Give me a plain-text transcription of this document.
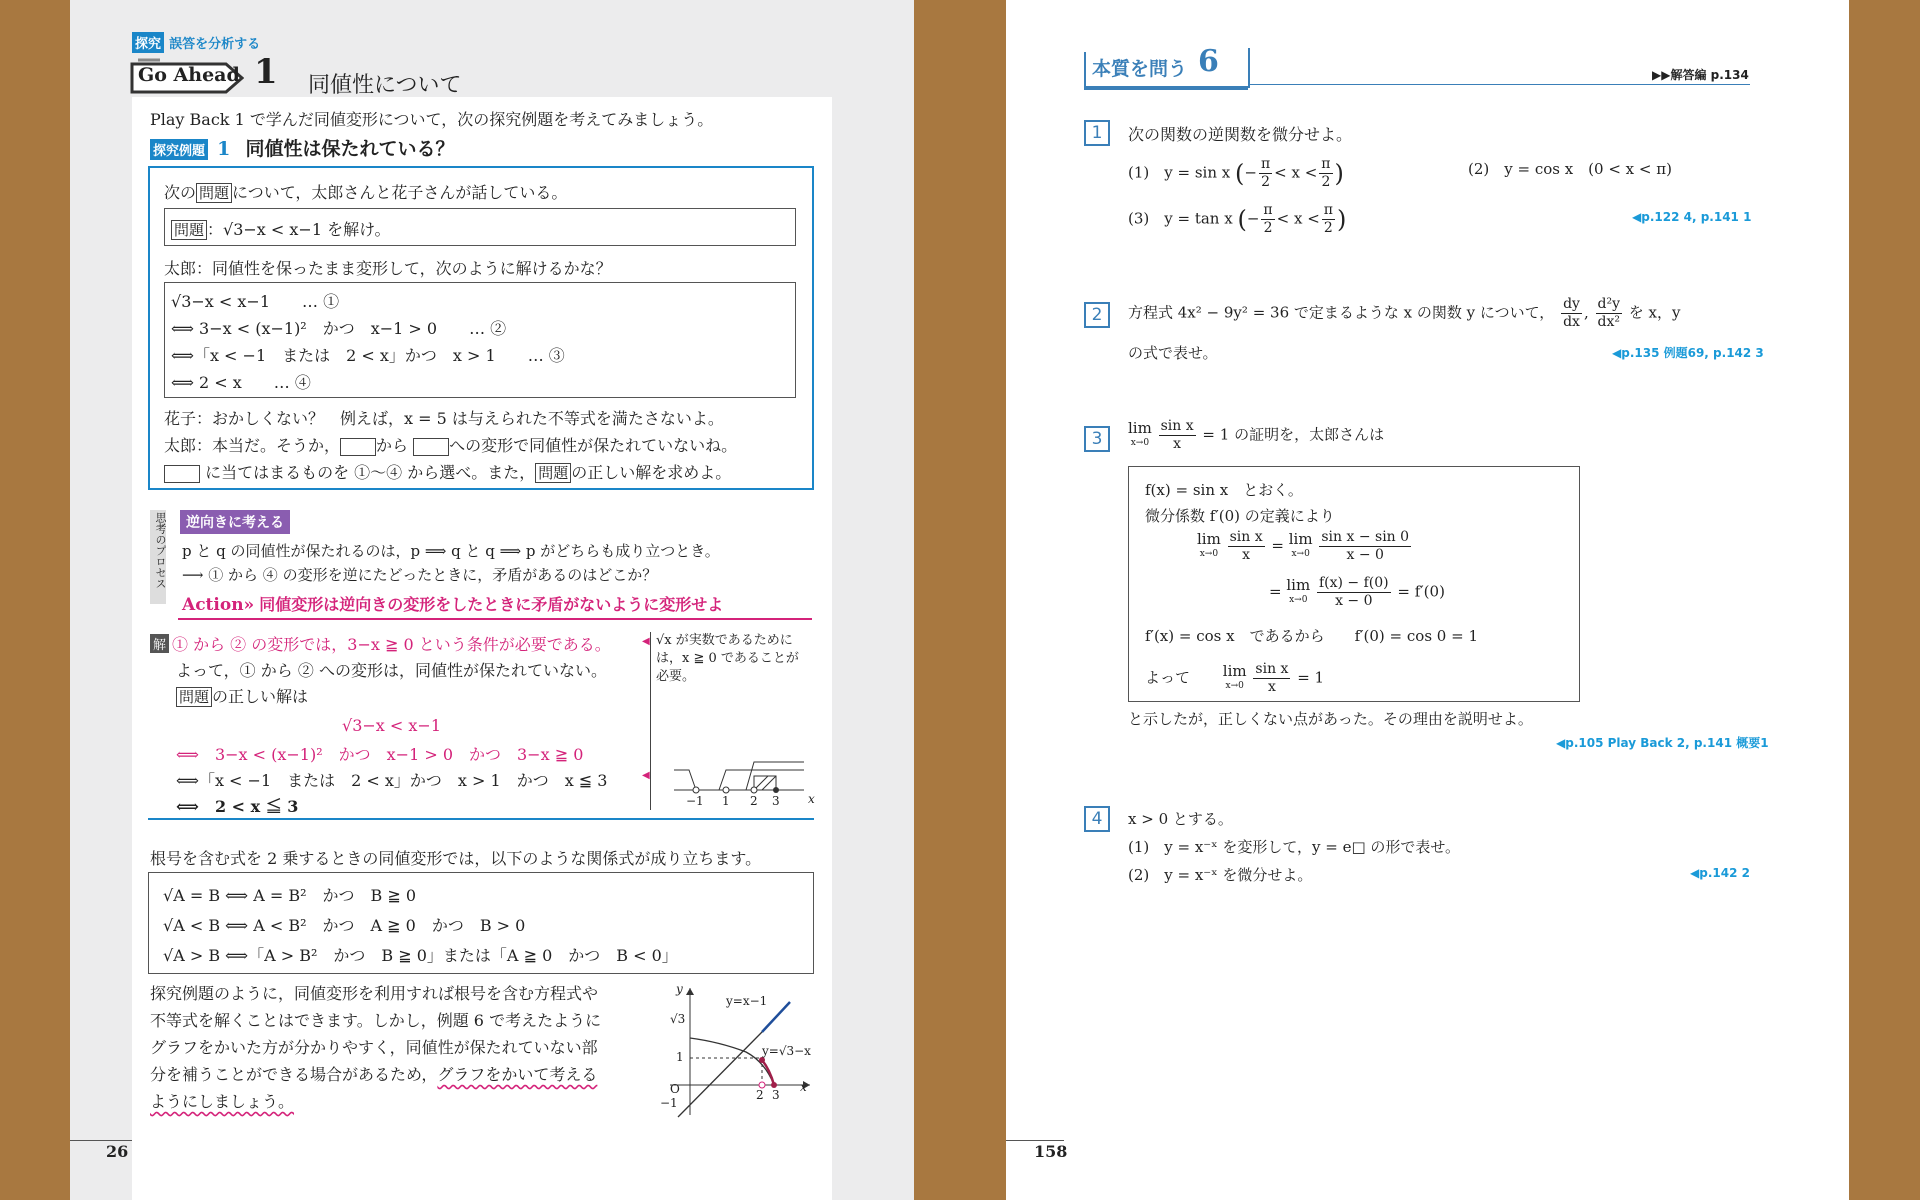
探究 誤答を分析する
Go Ahead 1 同値性について
Play Back 1 で学んだ同値変形について，次の探究例題を考えてみましょう。
探究例題 1 同値性は保たれている？
次の 問題 について，太郎さんと花子さんが話している。
問題 ：√3−x < x−1 を解け。
太郎：同値性を保ったまま変形して，次のように解けるかな？
√3−x < x−1　　… ①
⟺ 3−x < (x−1)²　かつ　x−1 > 0　　… ②
⟺「x < −1　または　2 < x」かつ　x > 1　　… ③
⟺ 2 < x　　… ④
花子：おかしくない？　例えば，x = 5 は与えられた不等式を満たさないよ。
太郎：本当だ。そうか， から	への変形で同値性が保たれていないね。
に当てはまるものを ①〜④ から選べ。また， 問題 の正しい解を求めよ。
思考のプロセス	逆向きに考える
p と q の同値性が保たれるのは，p ⟹ q と q ⟹ p がどちらも成り立つとき。
⟶ ① から ④ の変形を逆にたどったときに，矛盾があるのはどこか？
Action» 同値変形は逆向きの変形をしたときに矛盾がないように変形せよ
解 ① から ② の変形では，3−x ≧ 0 という条件が必要である。
よって，① から ② への変形は，同値性が保たれていない。
問題 の正しい解は
√3−x < x−1
⟺　3−x < (x−1)²　かつ　x−1 > 0　かつ　3−x ≧ 0
⟺「x < −1　または　2 < x」かつ　x > 1　かつ　x ≦ 3
⟺　2 < x ≦ 3
◀
◀
√x が実数であるために
は，x ≧ 0 であることが
必要。
−1 1 2 3 x
根号を含む式を 2 乗するときの同値変形では，以下のような関係式が成り立ちます。
√A = B ⟺ A = B²　かつ　B ≧ 0
√A < B ⟺ A < B²　かつ　A ≧ 0　かつ　B > 0
√A > B ⟺「A > B²　かつ　B ≧ 0」または「A ≧ 0　かつ　B < 0」
探究例題のように，同値変形を利用すれば根号を含む方程式や
不等式を解くことはできます。しかし，例題 6 で考えたように
グラフをかいた方が分かりやすく，同値性が保たれていない部
分を補うことができる場合があるため，グラフをかいて考える
ようにしましょう。
y
y=x−1
√3
1	y=√3−x
O	2 3
x
−1
26
本質を問う 6	▶▶解答編 p.134
1	次の関数の逆関数を微分せよ。
(1)　y = sin x (− $\frac{\pi}{2} < x < \frac{\pi}{2}$ )	(2)　y = cos x　(0 < x < π)
(3)　y = tan x (− $\frac{\pi}{2} < x < \frac{\pi}{2}$ )	◀p.122 4, p.141 1
2	方程式 4x² − 9y² = 36 で定まるような x の関数 y について， $\frac{dy}{dx}$ , $\frac{\text{d²y}}{\text{dx²}}$ を x，y
の式で表せ。	◀p.135 例題69, p.142 3
3
lim
$x\to 0 \frac{\text{sin x}}{x} = 1$ の証明を，太郎さんは
f(x) = sin x　とおく。
微分係数 f′(0) の定義により
lim
$x\to 0 \frac{\text{sin x}}{x} = \lim$
$x\to 0 \frac{\text{sin x − sin 0}}{x - 0}$
= lim
$x\to 0 \frac{f(x) - f(0)}{x - 0} = f'(0)$
f′(x) = cos x　であるから　　f′(0) = cos 0 = 1
よって lim
$x\to 0 \frac{\text{sin x}}{x} = 1$
と示したが，正しくない点があった。その理由を説明せよ。
◀p.105 Play Back 2, p.141 概要1
4	x > 0 とする。
(1)　y = x⁻ˣ を変形して，y = e□ の形で表せ。
(2)　y = x⁻ˣ を微分せよ。	◀p.142 2
158
